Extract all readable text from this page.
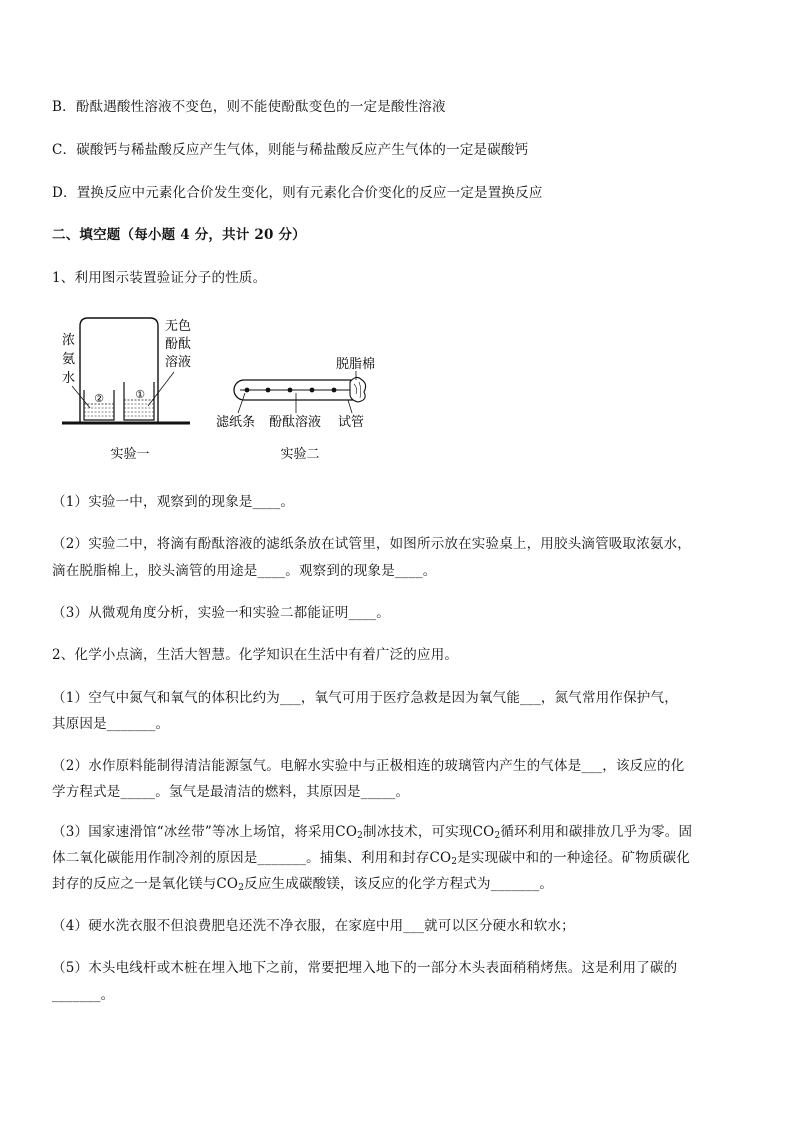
B．酚酞遇酸性溶液不变色，则不能使酚酞变色的一定是酸性溶液
C．碳酸钙与稀盐酸反应产生气体，则能与稀盐酸反应产生气体的一定是碳酸钙
D．置换反应中元素化合价发生变化，则有元素化合价变化的反应一定是置换反应
二、填空题（每小题 4 分，共计 20 分）
1、利用图示装置验证分子的性质。
②	①
浓
氨
水
无色
酚酞
溶液
实验一
脱脂棉
滤纸条 酚酞溶液 试管
实验二
（1）实验一中，观察到的现象是____。
（2）实验二中，将滴有酚酞溶液的滤纸条放在试管里，如图所示放在实验桌上，用胶头滴管吸取浓氨水，
滴在脱脂棉上，胶头滴管的用途是____。观察到的现象是____。
（3）从微观角度分析，实验一和实验二都能证明____。
2、化学小点滴，生活大智慧。化学知识在生活中有着广泛的应用。
（1）空气中氮气和氧气的体积比约为___，氧气可用于医疗急救是因为氧气能___，氮气常用作保护气，
其原因是_______。
（2）水作原料能制得清洁能源氢气。电解水实验中与正极相连的玻璃管内产生的气体是___，该反应的化
学方程式是_____。氢气是最清洁的燃料，其原因是_____。
（3）国家速滑馆“冰丝带”等冰上场馆，将采用$CO_2$制冰技术，可实现$CO_2$循环利用和碳排放几乎为零。固
体二氧化碳能用作制冷剂的原因是_______。捕集、利用和封存$CO_2$是实现碳中和的一种途径。矿物质碳化
封存的反应之一是氧化镁与$CO_2$反应生成碳酸镁，该反应的化学方程式为_______。
（4）硬水洗衣服不但浪费肥皂还洗不净衣服，在家庭中用___就可以区分硬水和软水；
（5）木头电线杆或木桩在埋入地下之前，常要把埋入地下的一部分木头表面稍稍烤焦。这是利用了碳的
_______。
